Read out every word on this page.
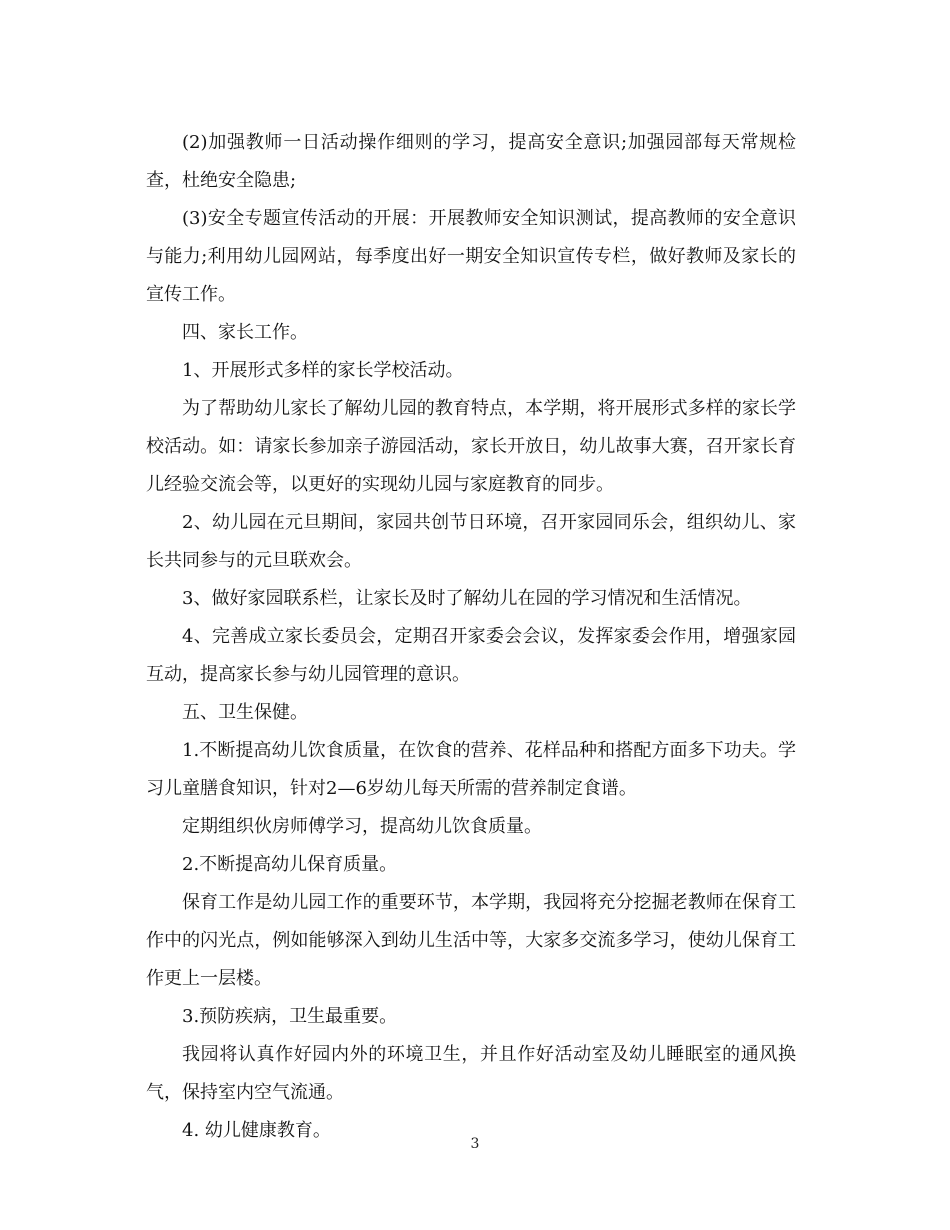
(2)加强教师一日活动操作细则的学习，提高安全意识;加强园部每天常规检查，杜绝安全隐患;

(3)安全专题宣传活动的开展：开展教师安全知识测试，提高教师的安全意识与能力;利用幼儿园网站，每季度出好一期安全知识宣传专栏，做好教师及家长的宣传工作。

四、家长工作。

1、开展形式多样的家长学校活动。

为了帮助幼儿家长了解幼儿园的教育特点，本学期，将开展形式多样的家长学校活动。如：请家长参加亲子游园活动，家长开放日，幼儿故事大赛，召开家长育儿经验交流会等，以更好的实现幼儿园与家庭教育的同步。

2、幼儿园在元旦期间，家园共创节日环境，召开家园同乐会，组织幼儿、家长共同参与的元旦联欢会。

3、做好家园联系栏，让家长及时了解幼儿在园的学习情况和生活情况。

4、完善成立家长委员会，定期召开家委会会议，发挥家委会作用，增强家园互动，提高家长参与幼儿园管理的意识。

五、卫生保健。

1.不断提高幼儿饮食质量，在饮食的营养、花样品种和搭配方面多下功夫。学习儿童膳食知识，针对2—6岁幼儿每天所需的营养制定食谱。

定期组织伙房师傅学习，提高幼儿饮食质量。

2.不断提高幼儿保育质量。

保育工作是幼儿园工作的重要环节，本学期，我园将充分挖掘老教师在保育工作中的闪光点，例如能够深入到幼儿生活中等，大家多交流多学习，使幼儿保育工作更上一层楼。

3.预防疾病，卫生最重要。

我园将认真作好园内外的环境卫生，并且作好活动室及幼儿睡眠室的通风换气，保持室内空气流通。

4. 幼儿健康教育。

3
